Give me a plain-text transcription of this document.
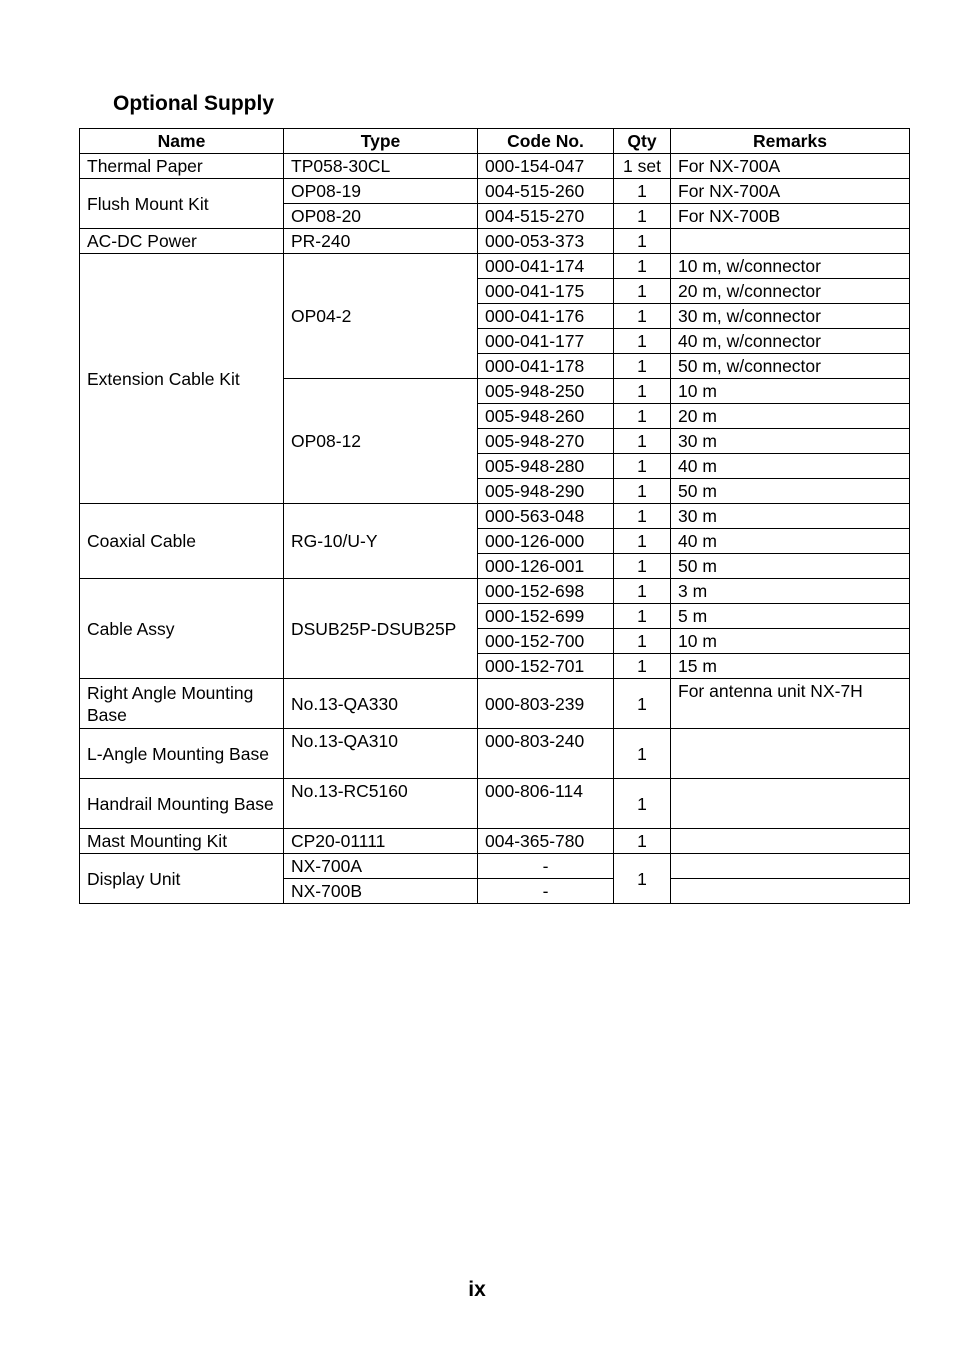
Optional Supply
Name	Type	Code No.	Qty	Remarks
Thermal Paper	TP058-30CL	000-154-047	1 set	For NX-700A
Flush Mount Kit	OP08-19	004-515-260	1	For NX-700A
	OP08-20	004-515-270	1	For NX-700B
AC-DC Power	PR-240	000-053-373	1	
Extension Cable Kit	OP04-2	000-041-174	1	10 m, w/connector
		000-041-175	1	20 m, w/connector
		000-041-176	1	30 m, w/connector
		000-041-177	1	40 m, w/connector
		000-041-178	1	50 m, w/connector
	OP08-12	005-948-250	1	10 m
		005-948-260	1	20 m
		005-948-270	1	30 m
		005-948-280	1	40 m
		005-948-290	1	50 m
Coaxial Cable	RG-10/U-Y	000-563-048	1	30 m
		000-126-000	1	40 m
		000-126-001	1	50 m
Cable Assy	DSUB25P-DSUB25P	000-152-698	1	3 m
		000-152-699	1	5 m
		000-152-700	1	10 m
		000-152-701	1	15 m
Right Angle Mounting Base	No.13-QA330	000-803-239	1	For antenna unit NX-7H
L-Angle Mounting Base	No.13-QA310	000-803-240	1	
Handrail Mounting Base	No.13-RC5160	000-806-114	1	
Mast Mounting Kit	CP20-01111	004-365-780	1	
Display Unit	NX-700A	-	1	
	NX-700B	-		

ix
